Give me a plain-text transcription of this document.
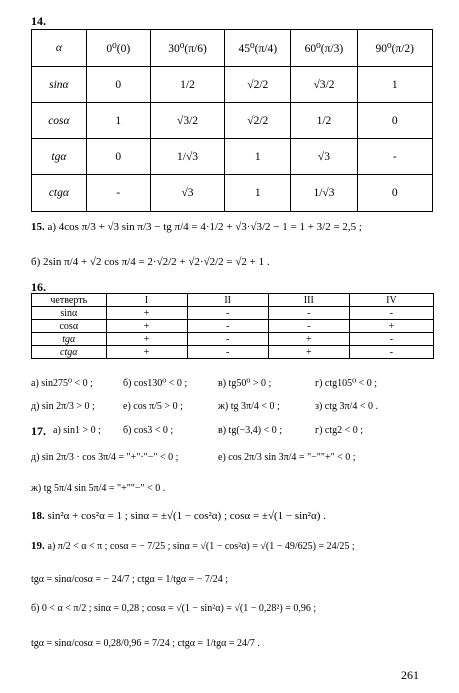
14.
α	0⁰(0)	30⁰(π/6)	45⁰(π/4)	60⁰(π/3)	90⁰(π/2)
sinα	0	1/2	√2/2	√3/2	1
cosα	1	√3/2	√2/2	1/2	0
tgα	0	1/√3	1	√3	-
ctgα	-	√3	1	1/√3	0
15. а) 4cos π/3 + √3 sin π/3 − tg π/4 = 4·1/2 + √3·√3/2 − 1 = 1 + 3/2 = 2,5 ;
б) 2sin π/4 + √2 cos π/4 = 2·√2/2 + √2·√2/2 = √2 + 1 .
16.
четверть	I	II	III	IV
sinα	+	-	-	-
cosα	+	-	-	+
tgα	+	-	+	-
ctgα	+	-	+	-
а) sin275⁰ < 0 ;	б) cos130⁰ < 0 ;	в) tg50⁰ > 0 ;	г) ctg105⁰ < 0 ;
д) sin 2π/3 > 0 ;	е) cos π/5 > 0 ;	ж) tg 3π/4 < 0 ;	з) ctg 3π/4 < 0 .
17. а) sin1 > 0 ; б) cos3 < 0 ;	в) tg(−3,4) < 0 ;	г) ctg2 < 0 ;
д) sin 2π/3 · cos 3π/4 = "+"·"−" < 0 ;	е) cos 2π/3 sin 3π/4 = "−""+" < 0 ;
ж) tg 5π/4 sin 5π/4 = "+""−" < 0 .
18. sin²α + cos²α = 1 ; sinα = ±√(1 − cos²α) ; cosα = ±√(1 − sin²α) .
19. а) π/2 < α < π ; cosα = − 7/25 ; sinα = √(1 − cos²α) = √(1 − 49/625) = 24/25 ;
tgα = sinα/cosα = − 24/7 ; ctgα = 1/tgα = − 7/24 ;
б) 0 < α < π/2 ; sinα = 0,28 ; cosα = √(1 − sin²α) = √(1 − 0,28²) = 0,96 ;
tgα = sinα/cosα = 0,28/0,96 = 7/24 ; ctgα = 1/tgα = 24/7 .
261
